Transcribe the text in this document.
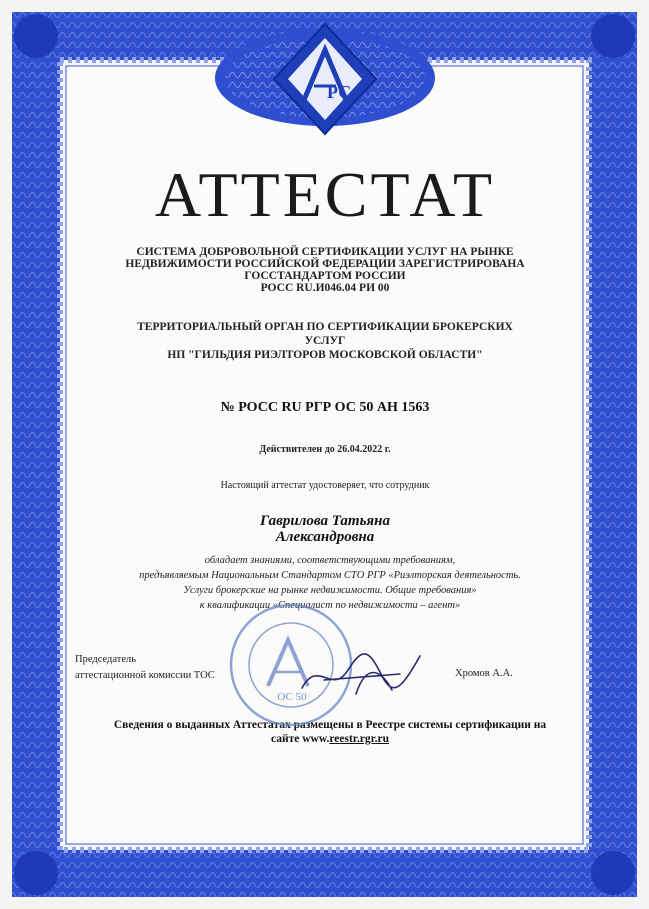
РС
АТТЕСТАТ
СИСТЕМА ДОБРОВОЛЬНОЙ СЕРТИФИКАЦИИ УСЛУГ НА РЫНКЕ
НЕДВИЖИМОСТИ РОССИЙСКОЙ ФЕДЕРАЦИИ ЗАРЕГИСТРИРОВАНА
ГОССТАНДАРТОМ РОССИИ
РОСС RU.И046.04 РИ 00
ТЕРРИТОРИАЛЬНЫЙ ОРГАН ПО СЕРТИФИКАЦИИ БРОКЕРСКИХ
УСЛУГ
НП "ГИЛЬДИЯ РИЭЛТОРОВ МОСКОВСКОЙ ОБЛАСТИ"
№ РОСС RU РГР ОС 50 АН 1563
Действителен до 26.04.2022 г.
Настоящий аттестат удостоверяет, что сотрудник
Гаврилова Татьяна
Александровна
обладает знаниями, соответствующими требованиям,
предъявляемым Национальным Стандартом СТО РГР «Риэлторская деятельность.
Услуги брокерские на рынке недвижимости. Общие требования»
к квалификации «Специалист по недвижимости – агент»
Председатель
аттестационной комиссии ТОС	Хромов А.А.
Сведения о выданных Аттестатах размещены в Реестре системы сертификации на
сайте www.reestr.rgr.ru
ОС 50
